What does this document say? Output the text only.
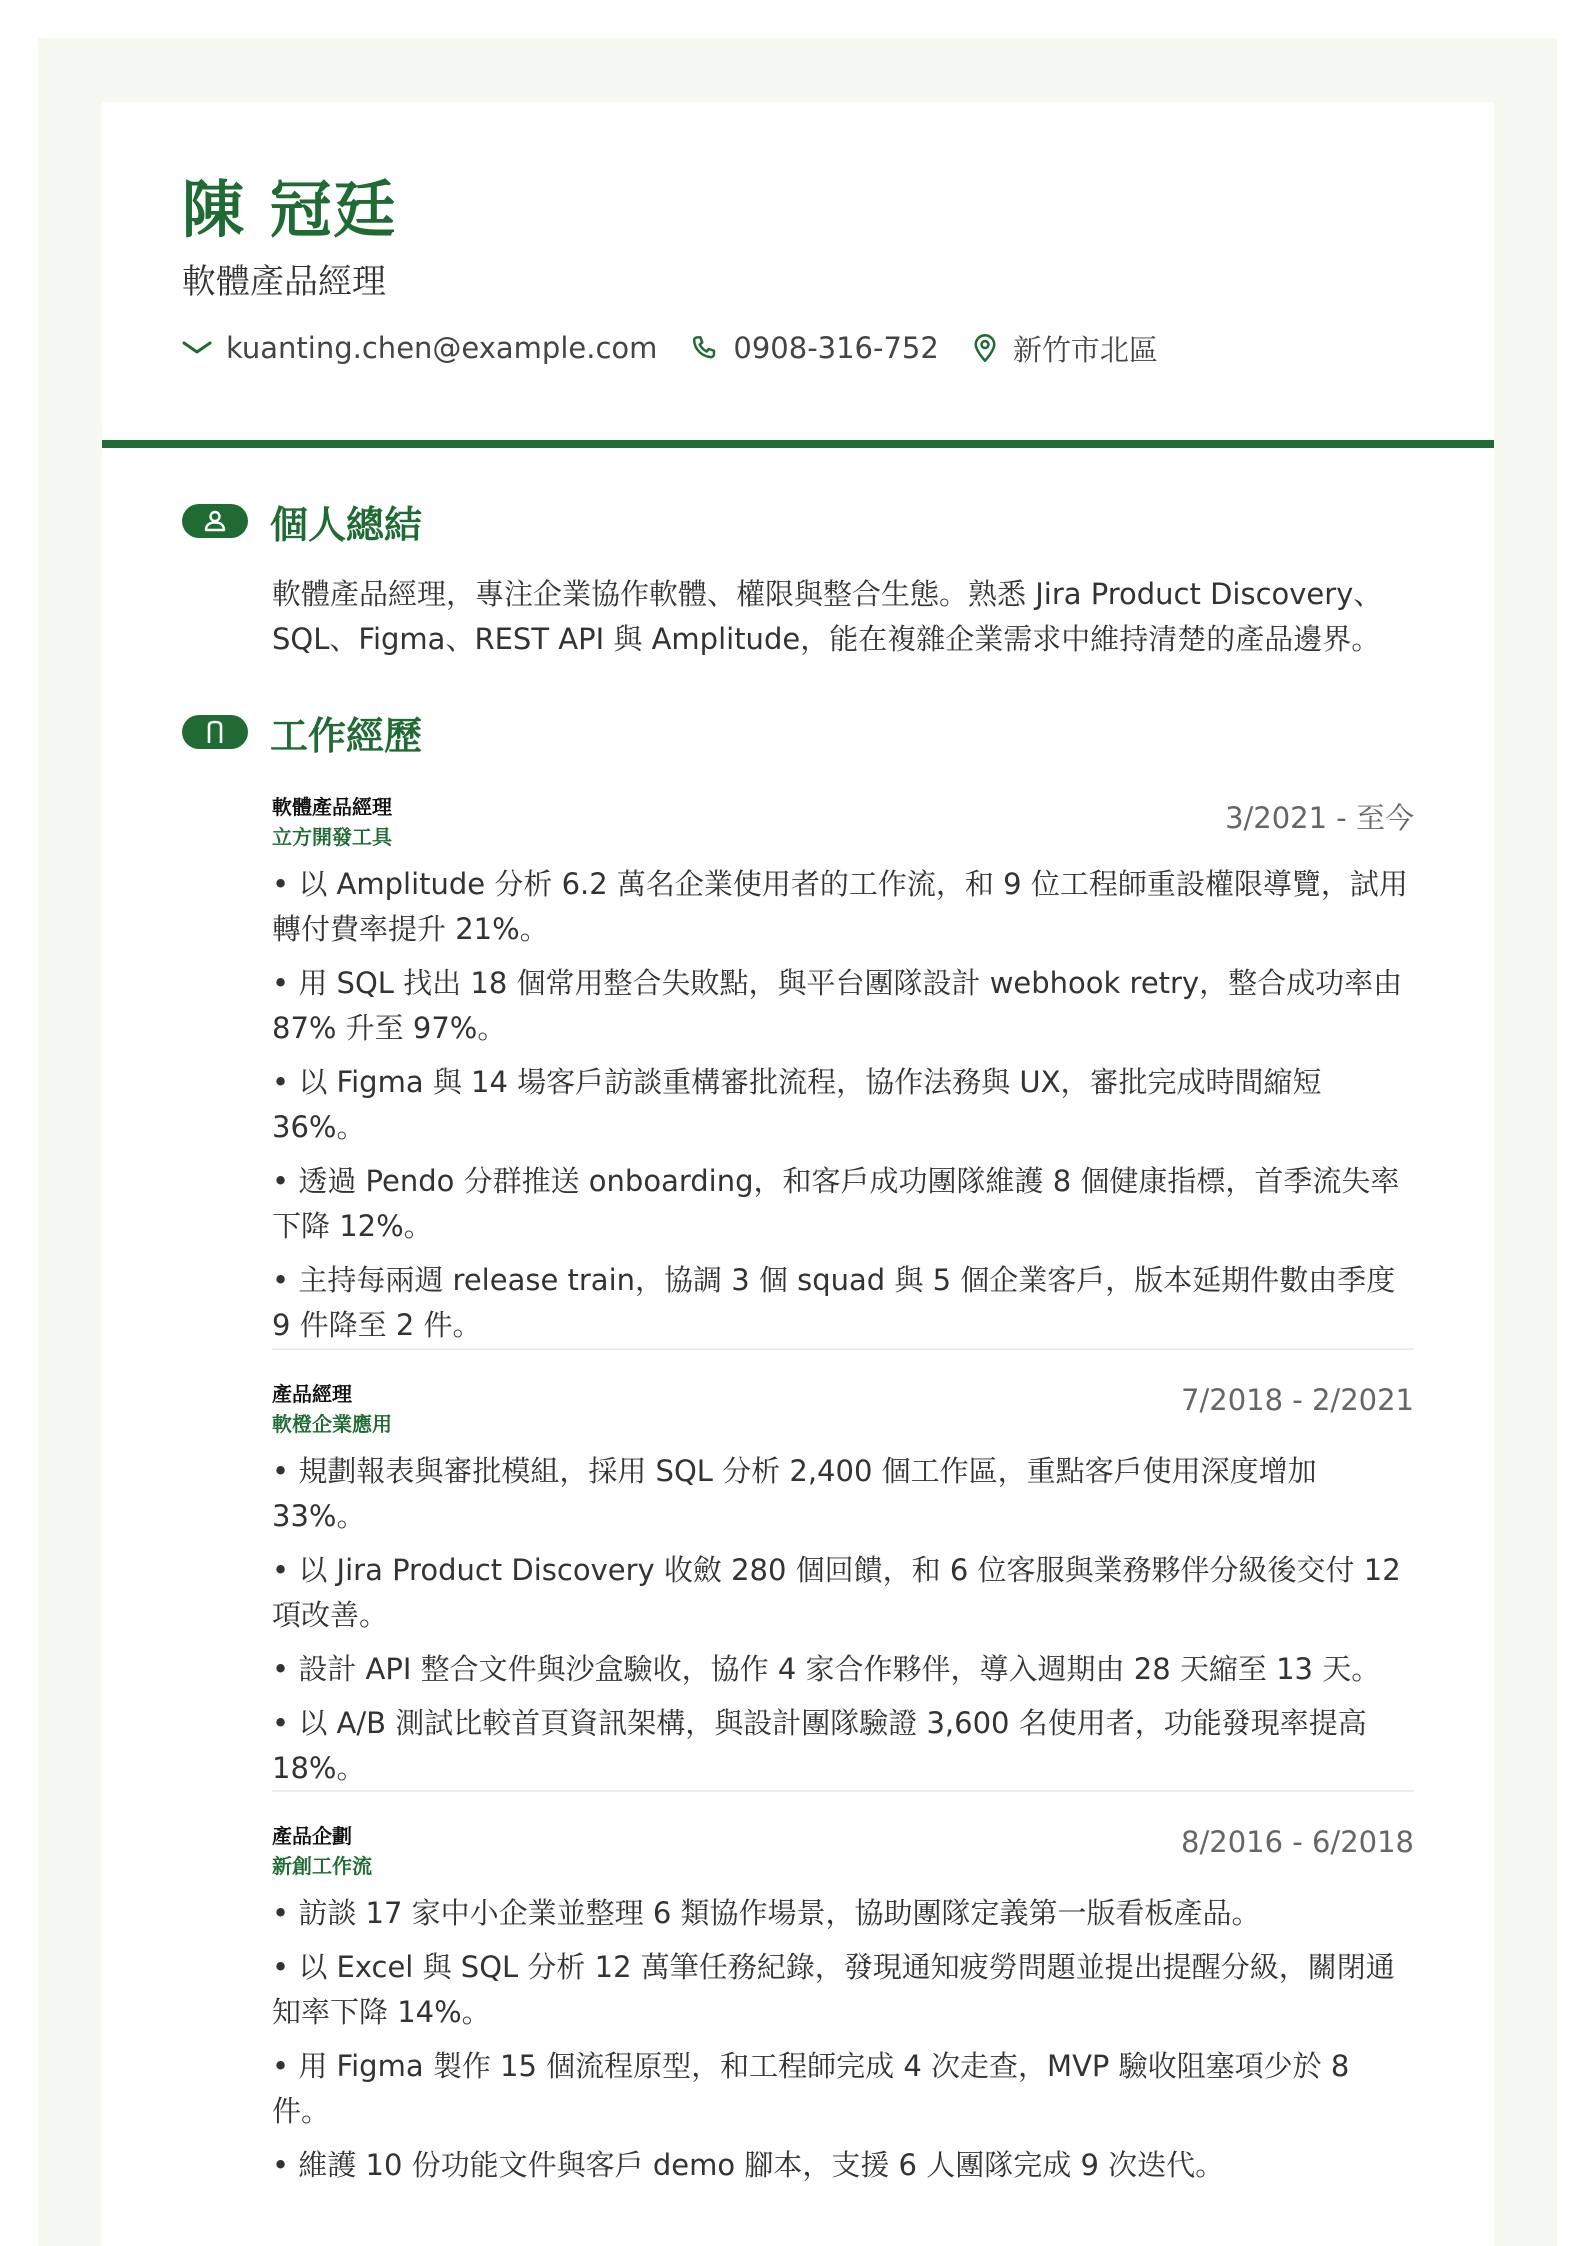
陳 冠廷
軟體產品經理
kuanting.chen@example.com	0908-316-752	新竹市北區
個人總結
軟體產品經理，專注企業協作軟體、權限與整合生態。熟悉 Jira Product Discovery、SQL、Figma、REST API 與 Amplitude，能在複雜企業需求中維持清楚的產品邊界。
工作經歷
軟體產品經理
立方開發工具
3/2021 - 至今
• 以 Amplitude 分析 6.2 萬名企業使用者的工作流，和 9 位工程師重設權限導覽，試用轉付費率提升 21%。
• 用 SQL 找出 18 個常用整合失敗點，與平台團隊設計 webhook retry，整合成功率由 87% 升至 97%。
• 以 Figma 與 14 場客戶訪談重構審批流程，協作法務與 UX，審批完成時間縮短 36%。
• 透過 Pendo 分群推送 onboarding，和客戶成功團隊維護 8 個健康指標，首季流失率下降 12%。
• 主持每兩週 release train，協調 3 個 squad 與 5 個企業客戶，版本延期件數由季度 9 件降至 2 件。
產品經理
軟橙企業應用
7/2018 - 2/2021
• 規劃報表與審批模組，採用 SQL 分析 2,400 個工作區，重點客戶使用深度增加 33%。
• 以 Jira Product Discovery 收斂 280 個回饋，和 6 位客服與業務夥伴分級後交付 12 項改善。
• 設計 API 整合文件與沙盒驗收，協作 4 家合作夥伴，導入週期由 28 天縮至 13 天。
• 以 A/B 測試比較首頁資訊架構，與設計團隊驗證 3,600 名使用者，功能發現率提高 18%。
產品企劃
新創工作流
8/2016 - 6/2018
• 訪談 17 家中小企業並整理 6 類協作場景，協助團隊定義第一版看板產品。
• 以 Excel 與 SQL 分析 12 萬筆任務紀錄，發現通知疲勞問題並提出提醒分級，關閉通知率下降 14%。
• 用 Figma 製作 15 個流程原型，和工程師完成 4 次走查，MVP 驗收阻塞項少於 8 件。
• 維護 10 份功能文件與客戶 demo 腳本，支援 6 人團隊完成 9 次迭代。
